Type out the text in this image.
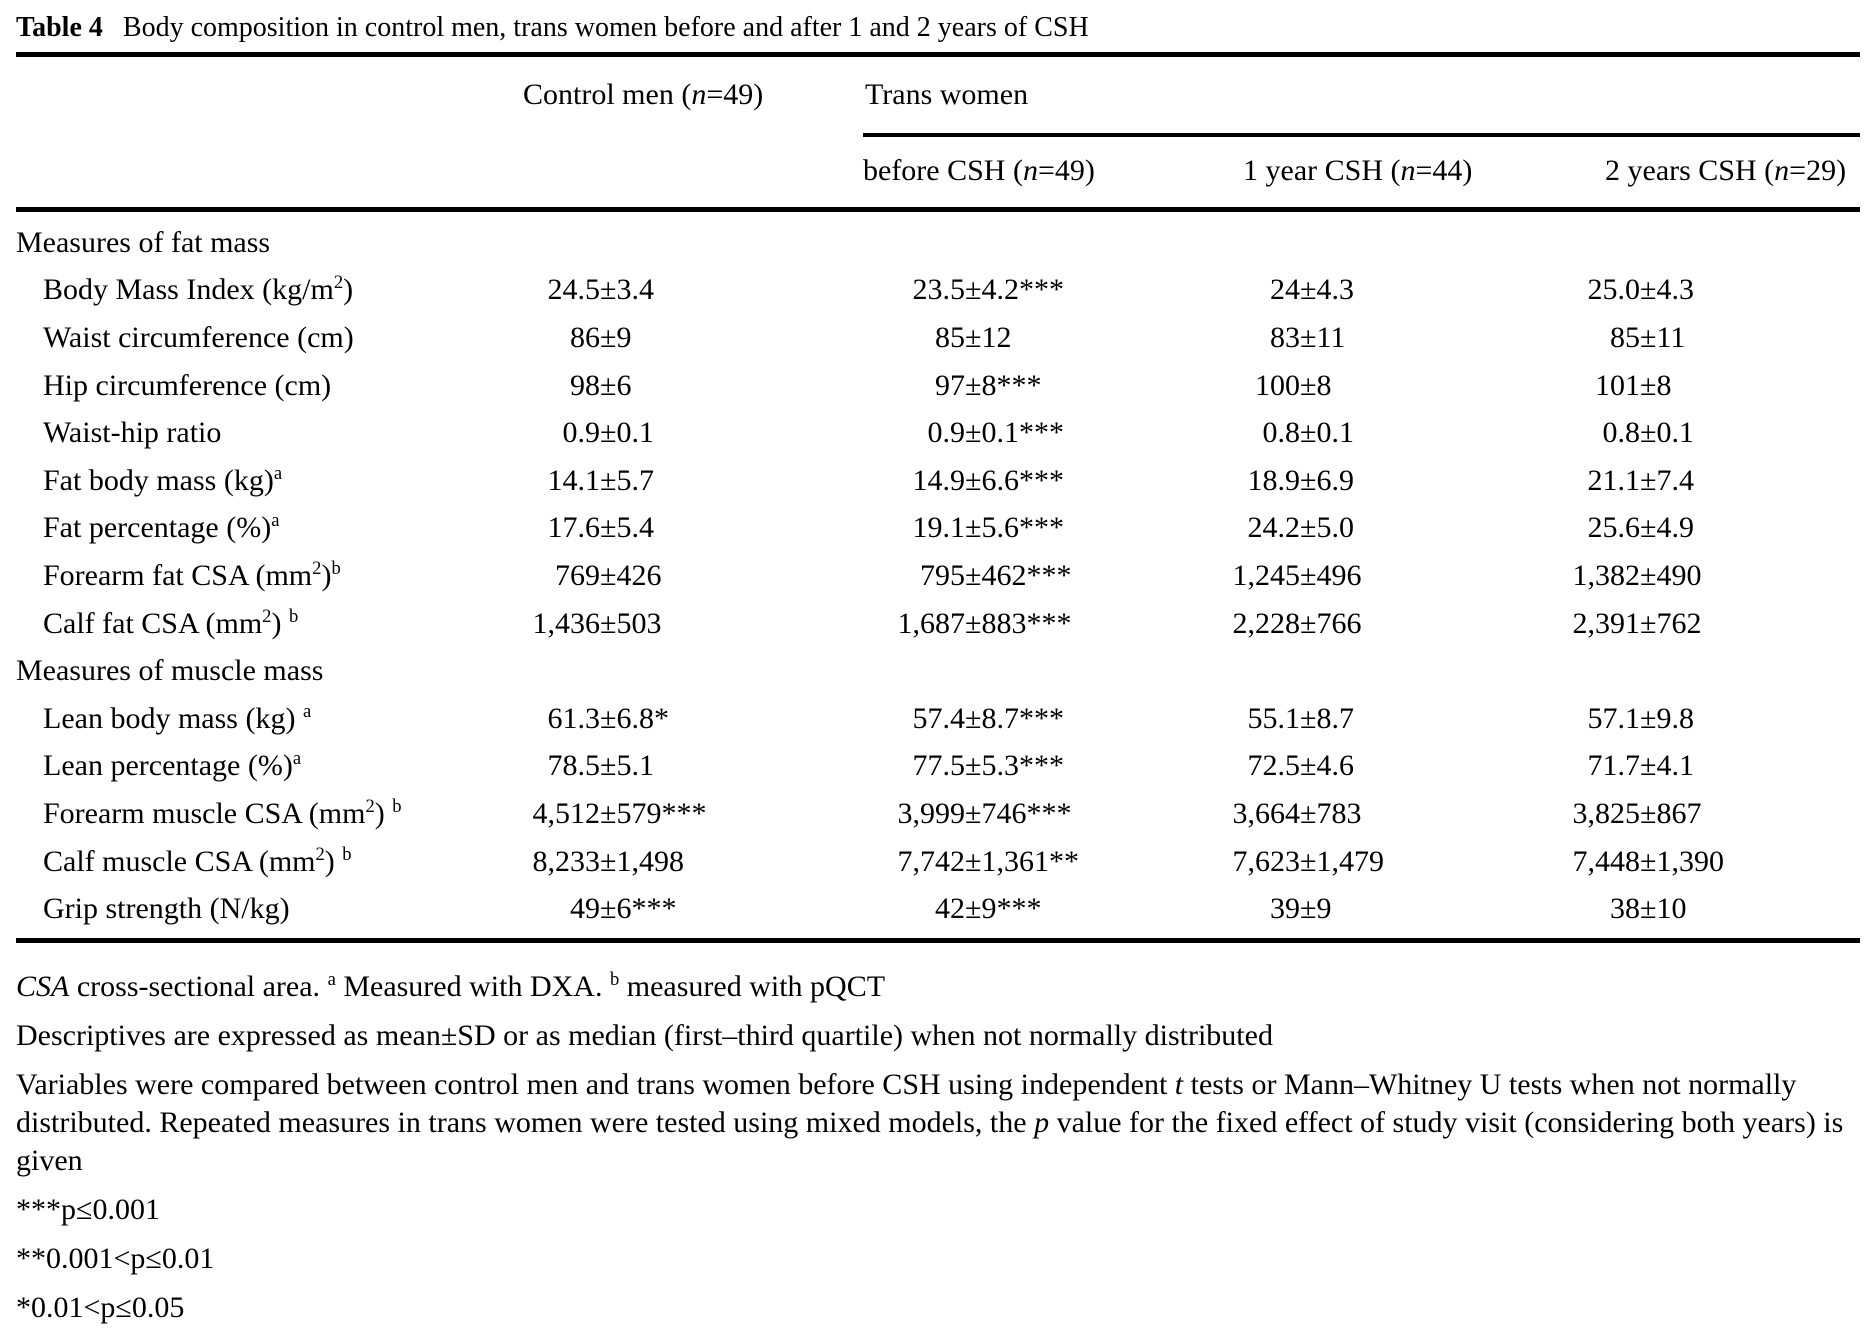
Table 4 Body composition in control men, trans women before and after 1 and 2 years of CSH
Control men (n=49)	Trans women
before CSH (n=49)	1 year CSH (n=44)	2 years CSH (n=29)
Measures of fat mass
Body Mass Index $(kg/m^2)$	24.5 ±3.4	23.5 ±4.2***	24 ±4.3	25.0 ±4.3
Waist circumference (cm)	86 ±9	85 ±12	83 ±11	85 ±11
Hip circumference (cm)	98 ±6	97 ±8***	100 ±8	101 ±8
Waist-hip ratio	0.9 ±0.1	0.9 ±0.1***	0.8 ±0.1	0.8 ±0.1
Fat body mass (kg)$^a$	14.1 ±5.7	14.9 ±6.6***	18.9 ±6.9	21.1 ±7.4
Fat percentage (%)$^a$	17.6 ±5.4	19.1 ±5.6***	24.2 ±5.0	25.6 ±4.9
Forearm fat CSA $(mm^2)^b$	769 ±426	795 ±462***	1,245 ±496	1,382 ±490
Calf fat CSA $(mm^2)$ $^b$	1,436 ±503	1,687 ±883***	2,228 ±766	2,391 ±762
Measures of muscle mass
Lean body mass (kg) $^a$	61.3 ±6.8*	57.4 ±8.7***	55.1 ±8.7	57.1 ±9.8
Lean percentage (%)$^a$	78.5 ±5.1	77.5 ±5.3***	72.5 ±4.6	71.7 ±4.1
Forearm muscle CSA $(mm^2)$ $^b$	4,512 ±579***	3,999 ±746***	3,664 ±783	3,825 ±867
Calf muscle CSA $(mm^2)$ $^b$	8,233 ±1,498	7,742 ±1,361**	7,623 ±1,479	7,448 ±1,390
Grip strength (N/kg)	49 ±6***	42 ±9***	39 ±9	38 ±10

CSA cross-sectional area. $^a$ Measured with DXA. $^b$ measured with pQCT

Descriptives are expressed as mean±SD or as median (first–third quartile) when not normally distributed

Variables were compared between control men and trans women before CSH using independent t tests or Mann–Whitney U tests when not normally distributed. Repeated measures in trans women were tested using mixed models, the p value for the fixed effect of study visit (considering both years) is given

***p≤0.001

**0.001<p≤0.01

*0.01<p≤0.05
